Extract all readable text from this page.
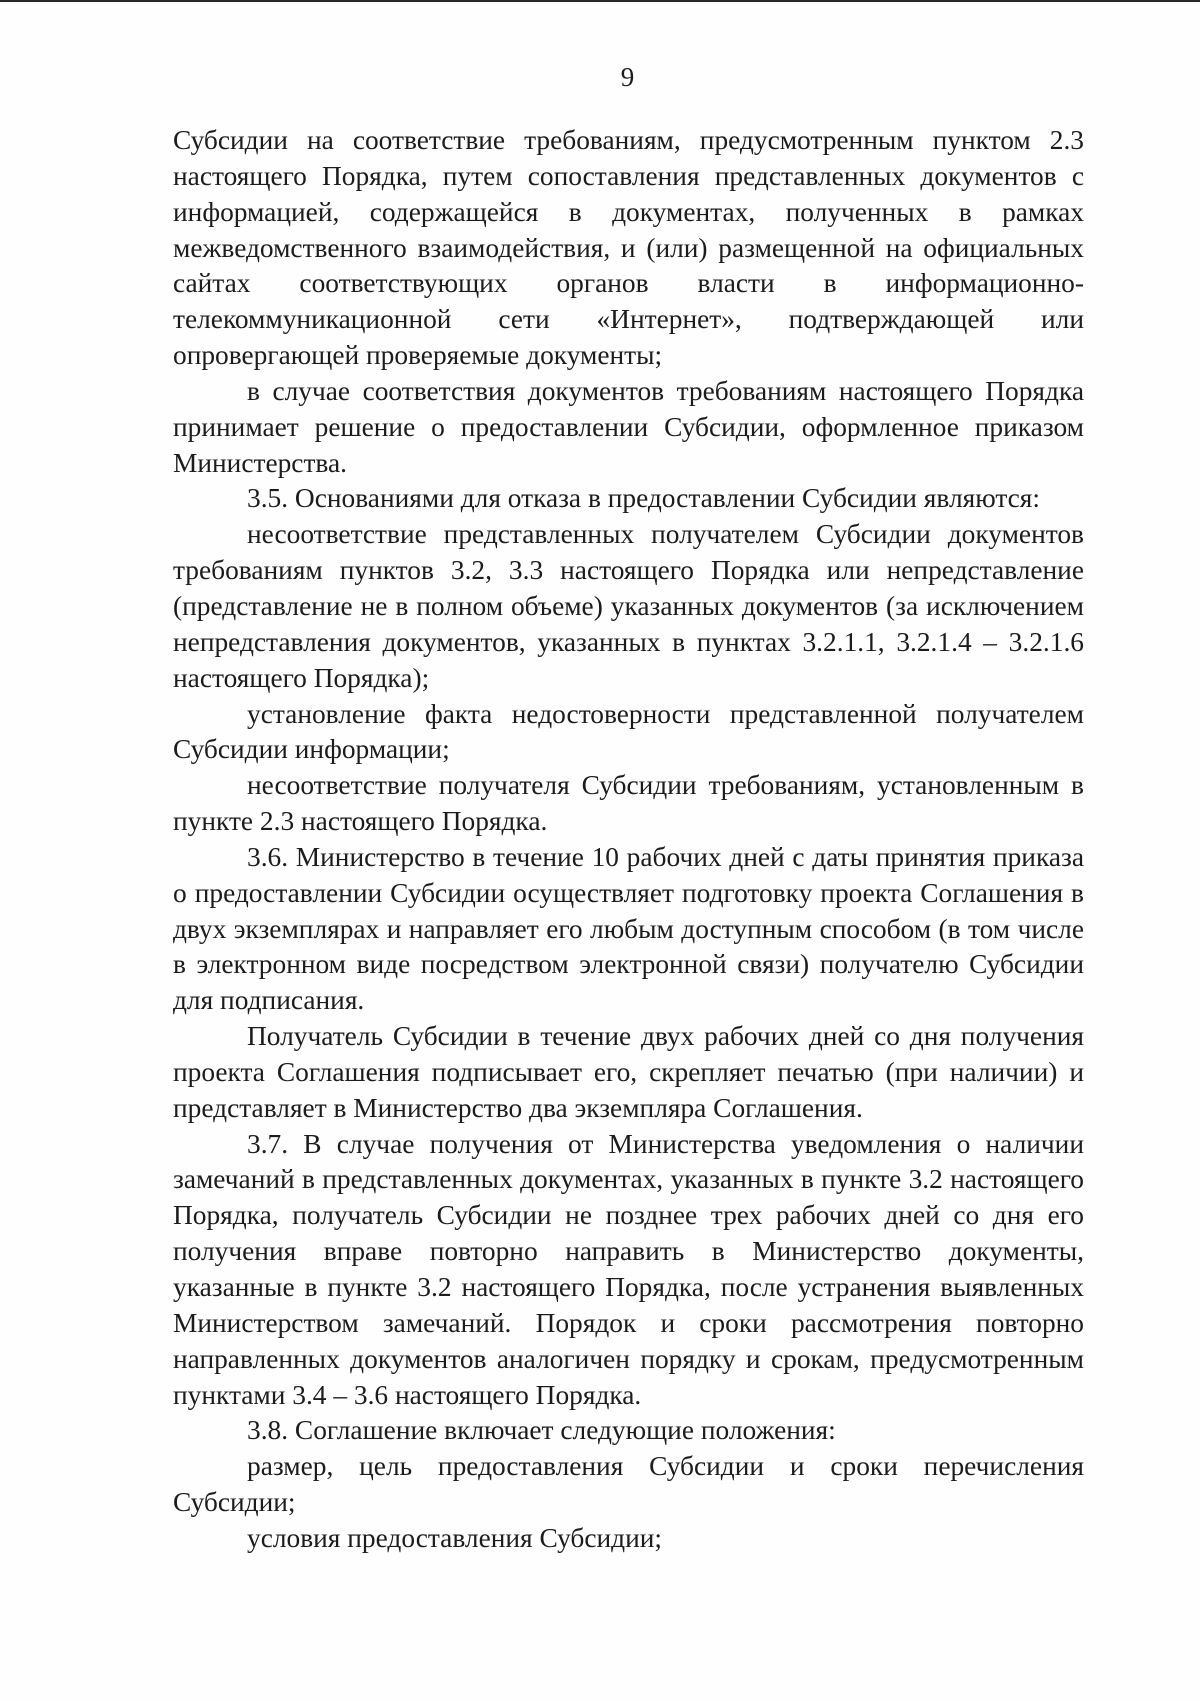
9

Субсидии на соответствие требованиям, предусмотренным пунктом 2.3 настоящего Порядка, путем сопоставления представленных документов с информацией, содержащейся в документах, полученных в рамках межведомственного взаимодействия, и (или) размещенной на официальных сайтах соответствующих органов власти в информационно-телекоммуникационной сети «Интернет», подтверждающей или опровергающей проверяемые документы;

в случае соответствия документов требованиям настоящего Порядка принимает решение о предоставлении Субсидии, оформленное приказом Министерства.

3.5. Основаниями для отказа в предоставлении Субсидии являются:

несоответствие представленных получателем Субсидии документов требованиям пунктов 3.2, 3.3 настоящего Порядка или непредставление (представление не в полном объеме) указанных документов (за исключением непредставления документов, указанных в пунктах 3.2.1.1, 3.2.1.4 – 3.2.1.6 настоящего Порядка);

установление факта недостоверности представленной получателем Субсидии информации;

несоответствие получателя Субсидии требованиям, установленным в пункте 2.3 настоящего Порядка.

3.6. Министерство в течение 10 рабочих дней с даты принятия приказа о предоставлении Субсидии осуществляет подготовку проекта Соглашения в двух экземплярах и направляет его любым доступным способом (в том числе в электронном виде посредством электронной связи) получателю Субсидии для подписания.

Получатель Субсидии в течение двух рабочих дней со дня получения проекта Соглашения подписывает его, скрепляет печатью (при наличии) и представляет в Министерство два экземпляра Соглашения.

3.7. В случае получения от Министерства уведомления о наличии замечаний в представленных документах, указанных в пункте 3.2 настоящего Порядка, получатель Субсидии не позднее трех рабочих дней со дня его получения вправе повторно направить в Министерство документы, указанные в пункте 3.2 настоящего Порядка, после устранения выявленных Министерством замечаний. Порядок и сроки рассмотрения повторно направленных документов аналогичен порядку и срокам, предусмотренным пунктами 3.4 – 3.6 настоящего Порядка.

3.8. Соглашение включает следующие положения:

размер, цель предоставления Субсидии и сроки перечисления Субсидии;

условия предоставления Субсидии;
